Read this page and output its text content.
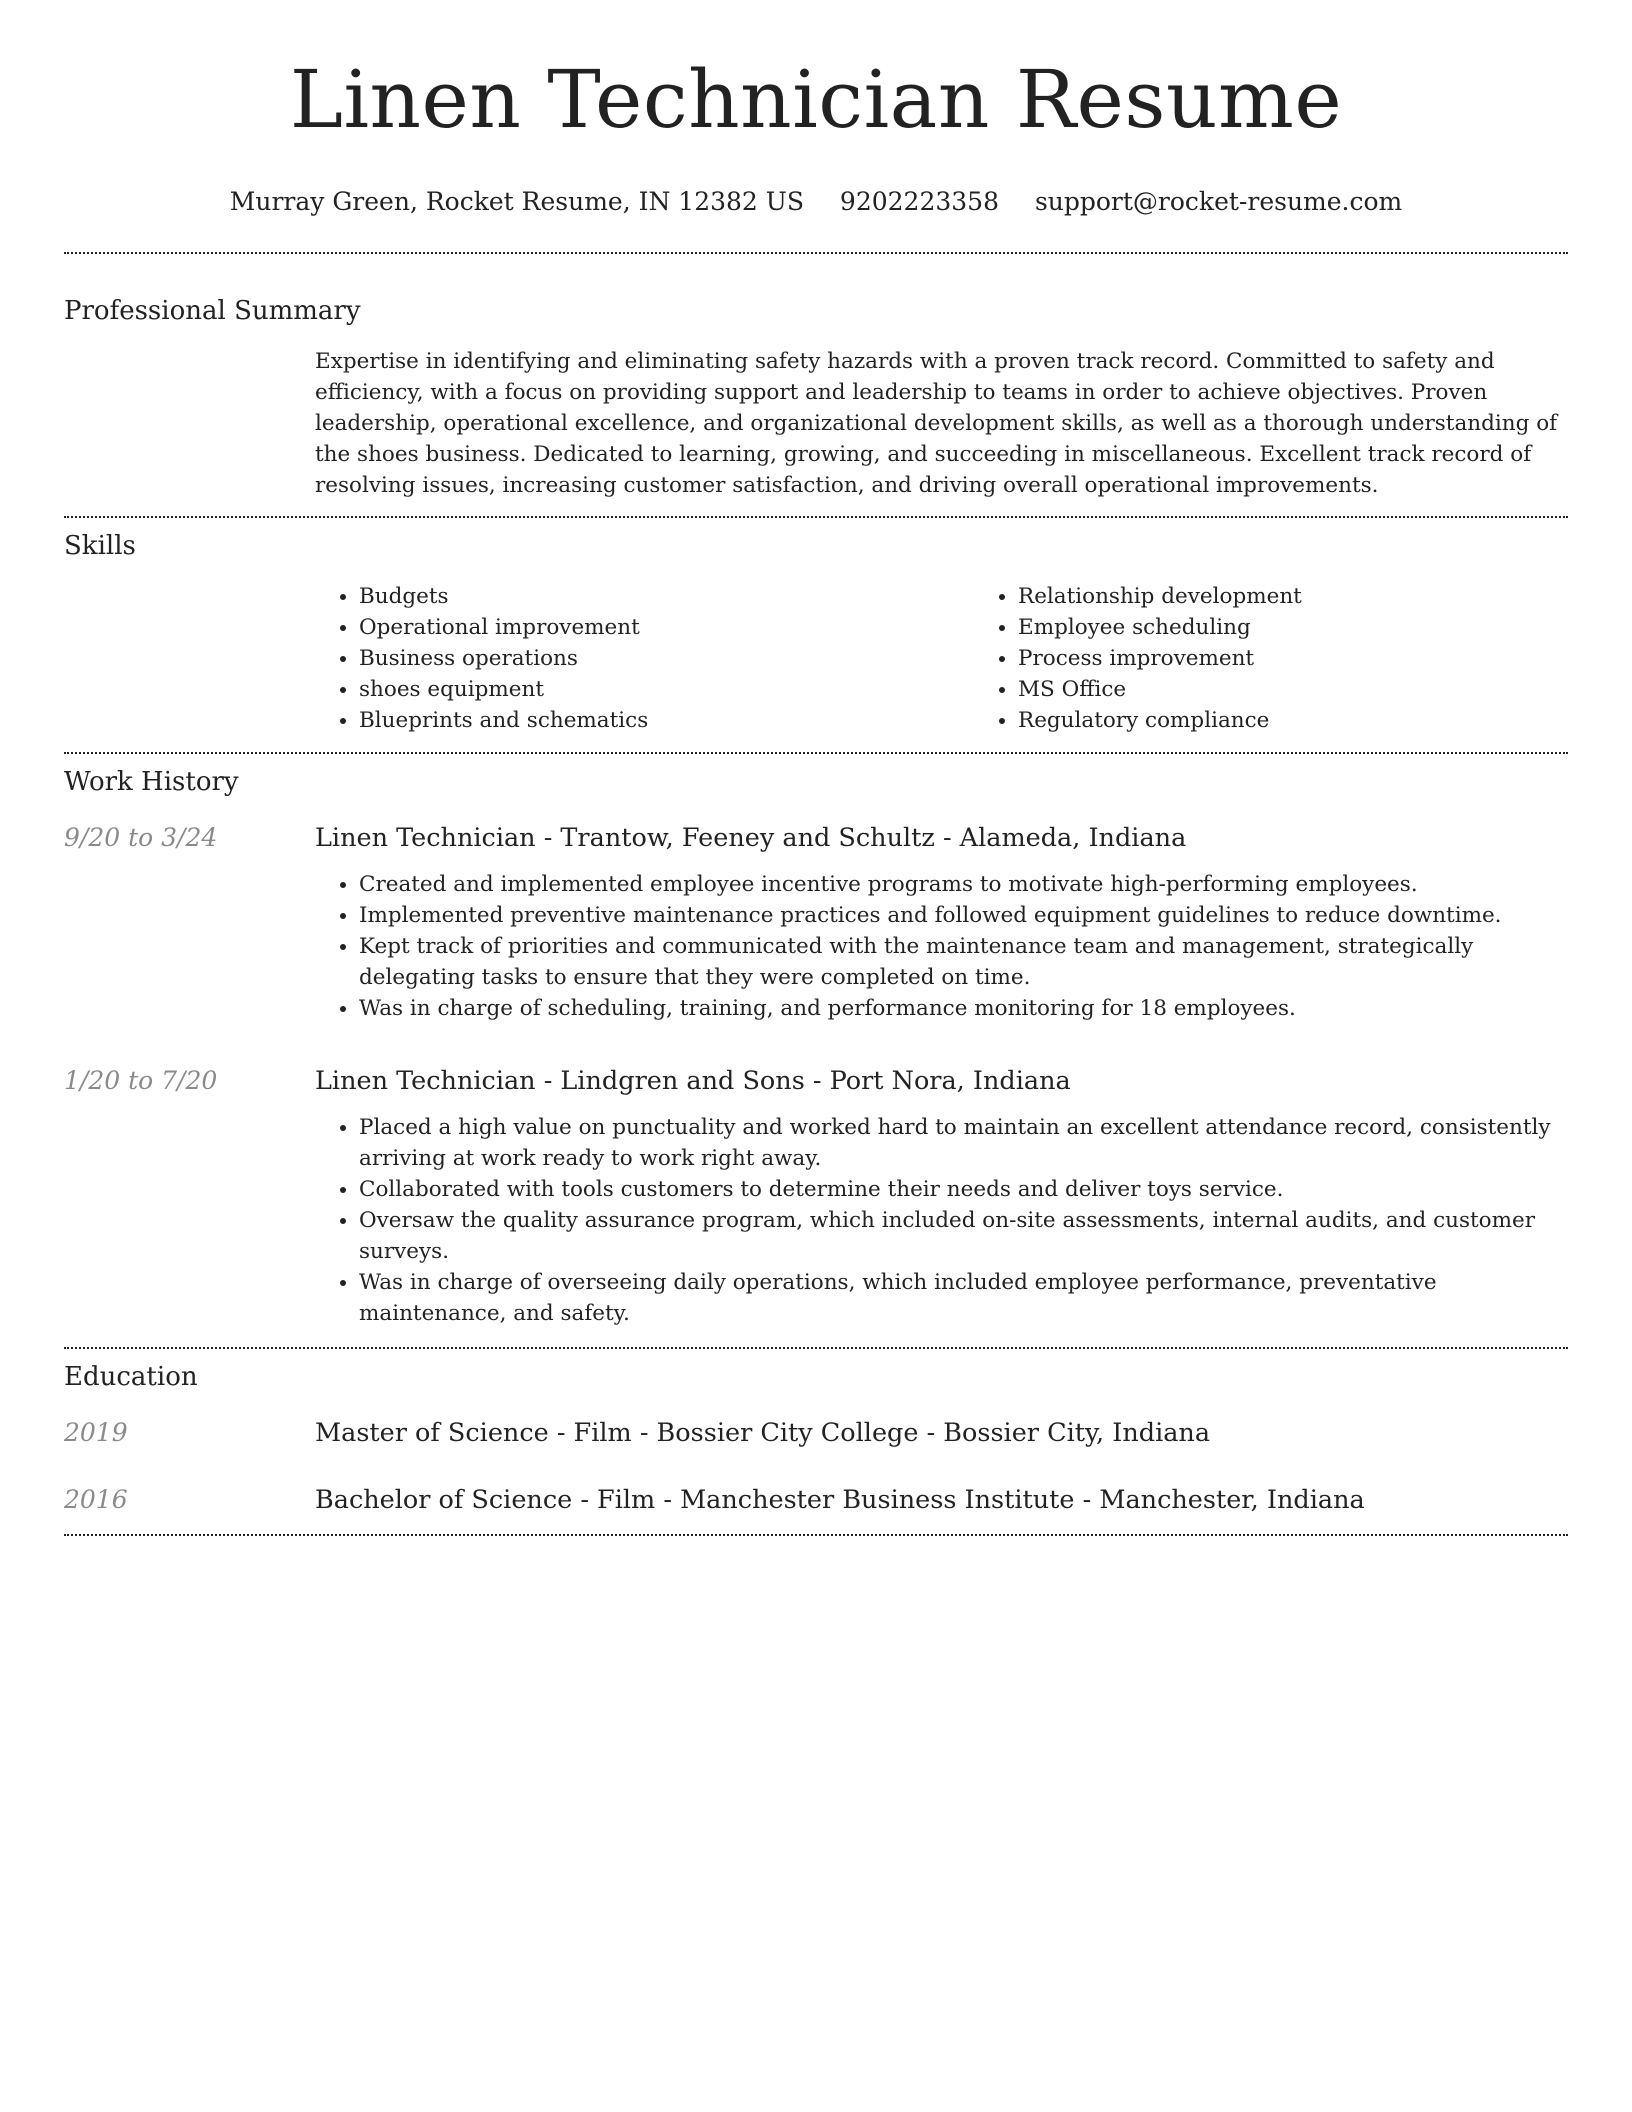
Linen Technician Resume
Murray Green, Rocket Resume, IN 12382 US 9202223358 support@rocket-resume.com
Professional Summary

Expertise in identifying and eliminating safety hazards with a proven track record. Committed to safety and efficiency, with a focus on providing support and leadership to teams in order to achieve objectives. Proven leadership, operational excellence, and organizational development skills, as well as a thorough understanding of the shoes business. Dedicated to learning, growing, and succeeding in miscellaneous. Excellent track record of resolving issues, increasing customer satisfaction, and driving overall operational improvements.

Skills
• Budgets
• Operational improvement
• Business operations
• shoes equipment
• Blueprints and schematics
• Relationship development
• Employee scheduling
• Process improvement
• MS Office
• Regulatory compliance
Work History
9/20 to 3/24	Linen Technician - Trantow, Feeney and Schultz - Alameda, Indiana

• Created and implemented employee incentive programs to motivate high-performing employees.
• Implemented preventive maintenance practices and followed equipment guidelines to reduce downtime.
• Kept track of priorities and communicated with the maintenance team and management, strategically delegating tasks to ensure that they were completed on time.
• Was in charge of scheduling, training, and performance monitoring for 18 employees.
1/20 to 7/20	Linen Technician - Lindgren and Sons - Port Nora, Indiana

• Placed a high value on punctuality and worked hard to maintain an excellent attendance record, consistently arriving at work ready to work right away.
• Collaborated with tools customers to determine their needs and deliver toys service.
• Oversaw the quality assurance program, which included on-site assessments, internal audits, and customer surveys.
• Was in charge of overseeing daily operations, which included employee performance, preventative maintenance, and safety.
Education
2019	Master of Science - Film - Bossier City College - Bossier City, Indiana

2016	Bachelor of Science - Film - Manchester Business Institute - Manchester, Indiana
